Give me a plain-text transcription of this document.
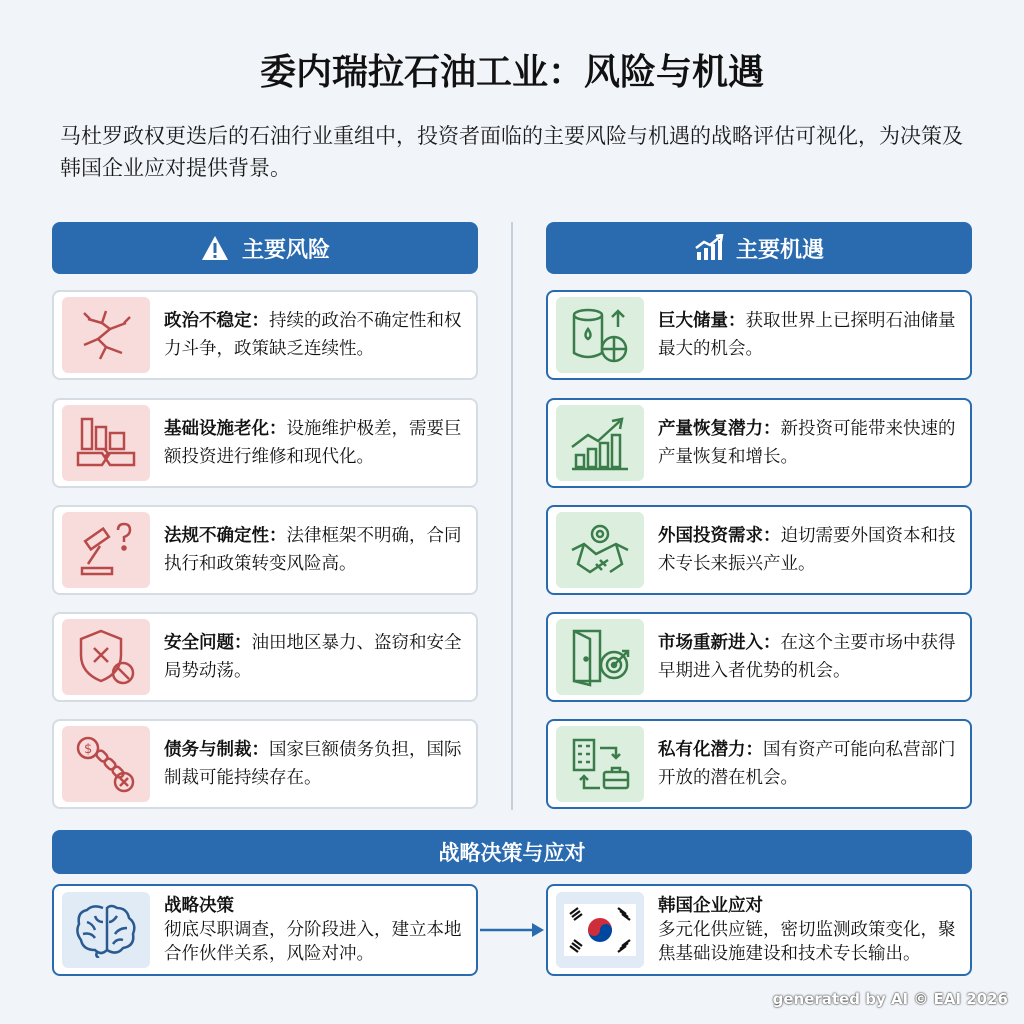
委内瑞拉石油工业：风险与机遇
马杜罗政权更迭后的石油行业重组中，投资者面临的主要风险与机遇的战略评估可视化，为决策及韩国企业应对提供背景。
主要风险	主要机遇
政治不稳定：持续的政治不确定性和权力斗争，政策缺乏连续性。
基础设施老化：设施维护极差，需要巨额投资进行维修和现代化。
法规不确定性：法律框架不明确，合同执行和政策转变风险高。
安全问题：油田地区暴力、盗窃和安全局势动荡。
$	债务与制裁：国家巨额债务负担，国际制裁可能持续存在。
巨大储量：获取世界上已探明石油储量最大的机会。
产量恢复潜力：新投资可能带来快速的产量恢复和增长。
外国投资需求：迫切需要外国资本和技术专长来振兴产业。
市场重新进入：在这个主要市场中获得早期进入者优势的机会。
私有化潜力：国有资产可能向私营部门开放的潜在机会。
战略决策与应对
战略决策
彻底尽职调查，分阶段进入，建立本地合作伙伴关系，风险对冲。
韩国企业应对
多元化供应链，密切监测政策变化，聚焦基础设施建设和技术专长输出。
generated by AI © EAI 2026
